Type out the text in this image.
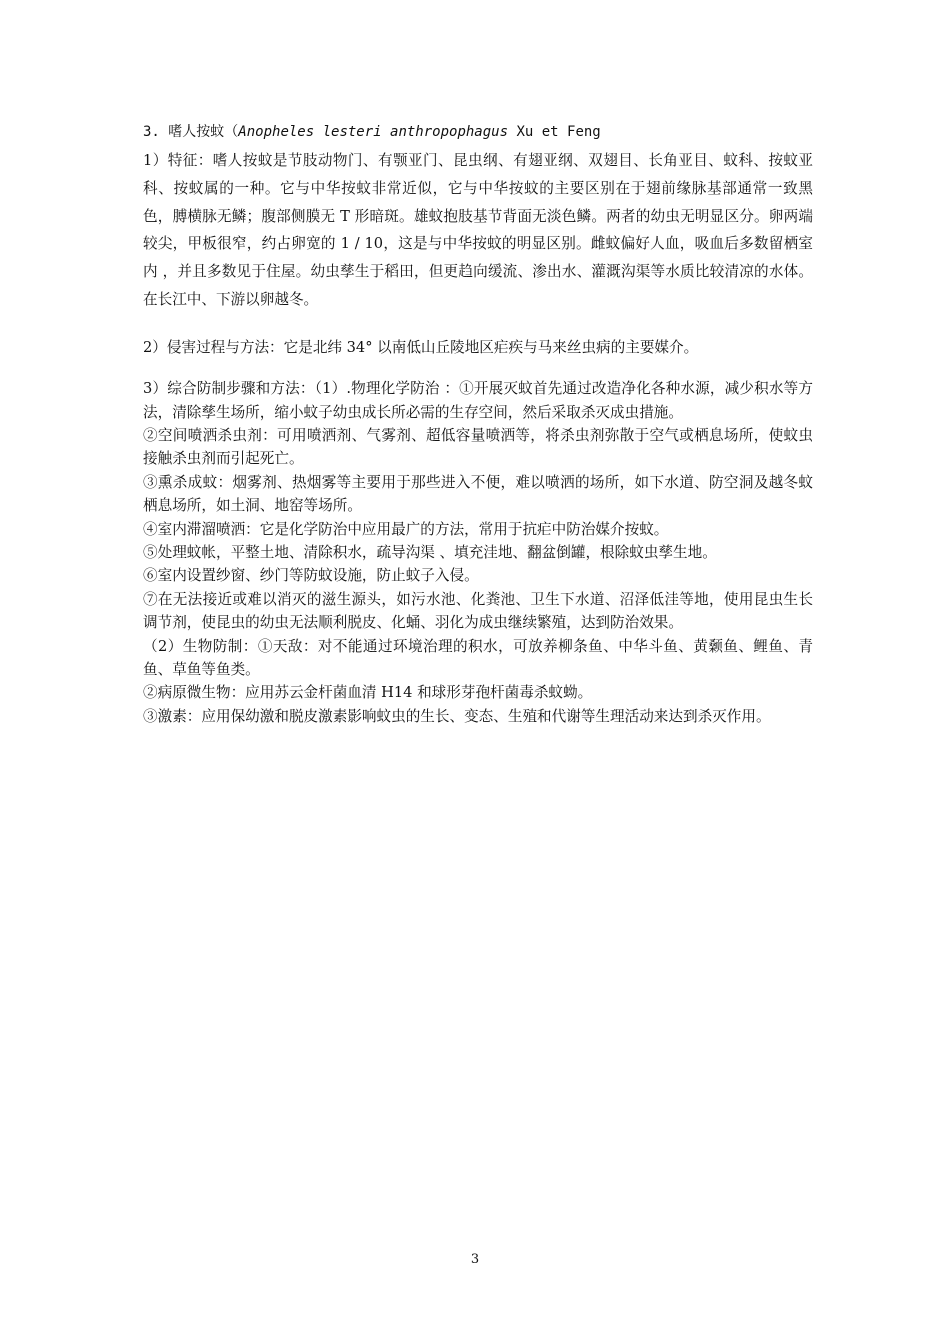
3. 嗜人按蚊（Anopheles lesteri anthropophagus Xu et Feng

1）特征：嗜人按蚊是节肢动物门、有颚亚门、昆虫纲、有翅亚纲、双翅目、长角亚目、蚊科、按蚊亚科、按蚊属的一种。它与中华按蚊非常近似，它与中华按蚊的主要区别在于翅前缘脉基部通常一致黑色，膊横脉无鳞；腹部侧膜无 T 形暗斑。雄蚊抱肢基节背面无淡色鳞。两者的幼虫无明显区分。卵两端较尖，甲板很窄，约占卵宽的 1 / 10，这是与中华按蚊的明显区别。雌蚊偏好人血，吸血后多数留栖室内 ，并且多数见于住屋。幼虫孳生于稻田，但更趋向缓流、渗出水、灌溉沟渠等水质比较清凉的水体。在长江中、下游以卵越冬。

2）侵害过程与方法：它是北纬 34° 以南低山丘陵地区疟疾与马来丝虫病的主要媒介。

3）综合防制步骤和方法：（1）.物理化学防治 ：①开展灭蚊首先通过改造净化各种水源，减少积水等方法，清除孳生场所，缩小蚊子幼虫成长所必需的生存空间，然后采取杀灭成虫措施。

②空间喷洒杀虫剂：可用喷洒剂、气雾剂、超低容量喷洒等，将杀虫剂弥散于空气或栖息场所，使蚊虫接触杀虫剂而引起死亡。

③熏杀成蚊：烟雾剂、热烟雾等主要用于那些进入不便，难以喷洒的场所，如下水道、防空洞及越冬蚊栖息场所，如土洞、地窑等场所。

④室内滞溜喷洒：它是化学防治中应用最广的方法，常用于抗疟中防治媒介按蚊。

⑤处理蚊帐，平整土地、清除积水，疏导沟渠 、填充洼地、翻盆倒罐，根除蚊虫孳生地。

⑥室内设置纱窗、纱门等防蚊设施，防止蚊子入侵。

⑦在无法接近或难以消灭的滋生源头，如污水池、化粪池、卫生下水道、沼泽低洼等地，使用昆虫生长调节剂，使昆虫的幼虫无法顺利脱皮、化蛹、羽化为成虫继续繁殖，达到防治效果。

（2）生物防制：①天敌：对不能通过环境治理的积水，可放养柳条鱼、中华斗鱼、黄颡鱼、鲤鱼、青鱼、草鱼等鱼类。

②病原微生物：应用苏云金杆菌血清 H14 和球形芽孢杆菌毒杀蚊蚴。

③激素：应用保幼激和脱皮激素影响蚊虫的生长、变态、生殖和代谢等生理活动来达到杀灭作用。

3
